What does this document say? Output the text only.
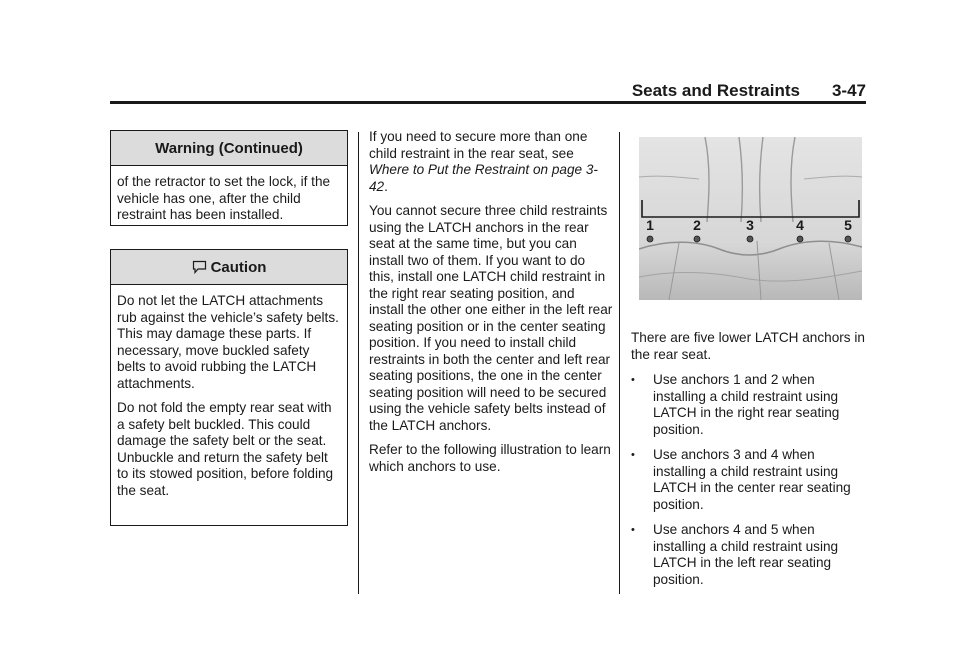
Seats and Restraints 3-47
Warning (Continued)
of the retractor to set the lock, if the vehicle has one, after the child restraint has been installed.
Caution

Do not let the LATCH attachments rub against the vehicle’s safety belts. This may damage these parts. If necessary, move buckled safety belts to avoid rubbing the LATCH attachments.

Do not fold the empty rear seat with a safety belt buckled. This could damage the safety belt or the seat. Unbuckle and return the safety belt to its stowed position, before folding the seat.

If you need to secure more than one child restraint in the rear seat, see Where to Put the Restraint on page 3-42.

You cannot secure three child restraints using the LATCH anchors in the rear seat at the same time, but you can install two of them. If you want to do this, install one LATCH child restraint in the right rear seating position, and install the other one either in the left rear seating position or in the center seating position. If you need to install child restraints in both the center and left rear seating positions, the one in the center seating position will need to be secured using the vehicle safety belts instead of the LATCH anchors.

Refer to the following illustration to learn which anchors to use.

1	2	3	4	5

There are five lower LATCH anchors in the rear seat.

• Use anchors 1 and 2 when installing a child restraint using LATCH in the right rear seating position.
• Use anchors 3 and 4 when installing a child restraint using LATCH in the center rear seating position.
• Use anchors 4 and 5 when installing a child restraint using LATCH in the left rear seating position.
